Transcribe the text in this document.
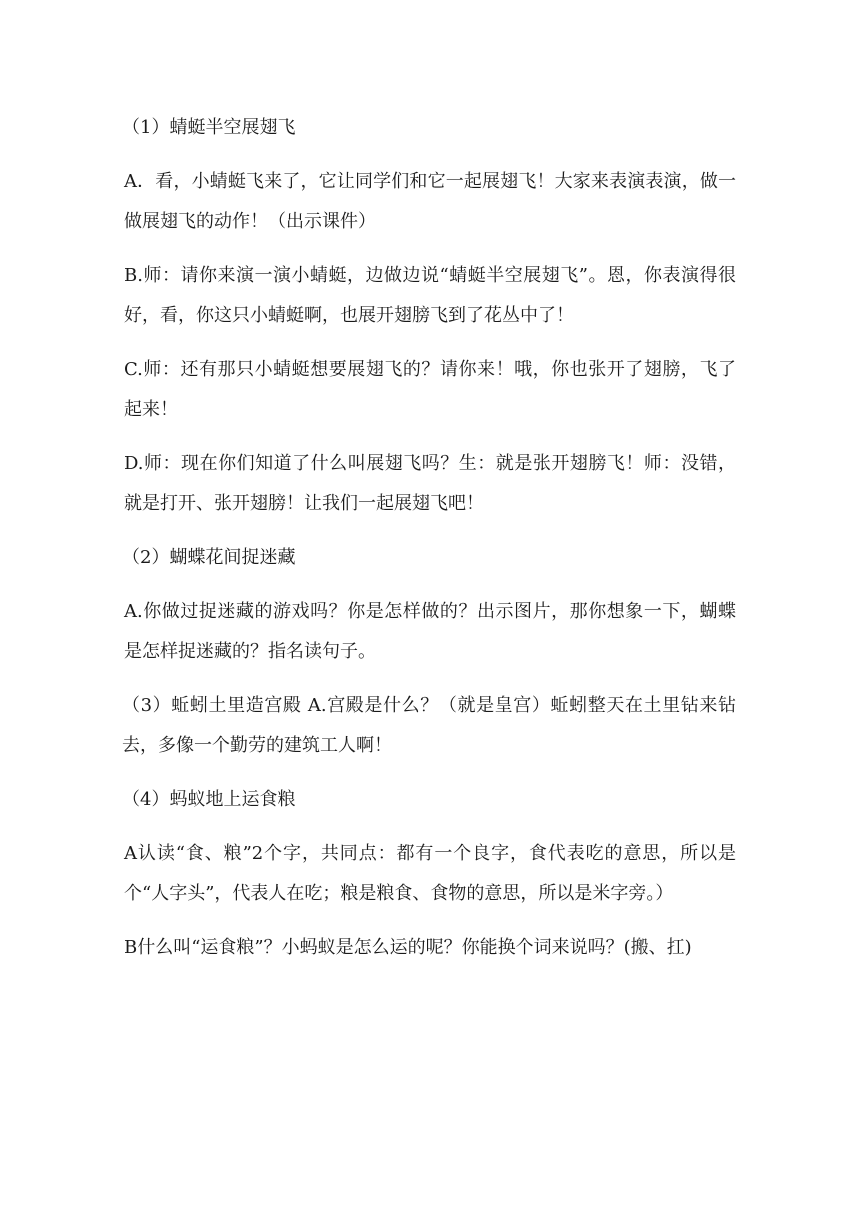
（1）蜻蜓半空展翅飞

A．看，小蜻蜓飞来了，它让同学们和它一起展翅飞！大家来表演表演，做一做展翅飞的动作！（出示课件）

B.师：请你来演一演小蜻蜓，边做边说“蜻蜓半空展翅飞”。恩，你表演得很好，看，你这只小蜻蜓啊，也展开翅膀飞到了花丛中了！

C.师：还有那只小蜻蜓想要展翅飞的？请你来！哦，你也张开了翅膀，飞了起来！

D.师：现在你们知道了什么叫展翅飞吗？生：就是张开翅膀飞！师：没错，就是打开、张开翅膀！让我们一起展翅飞吧！

（2）蝴蝶花间捉迷藏

A.你做过捉迷藏的游戏吗？你是怎样做的？出示图片，那你想象一下，蝴蝶是怎样捉迷藏的？指名读句子。

（3）蚯蚓土里造宫殿 A.宫殿是什么？（就是皇宫）蚯蚓整天在土里钻来钻去，多像一个勤劳的建筑工人啊！

（4）蚂蚁地上运食粮

A认读“食、粮”2个字，共同点：都有一个良字，食代表吃的意思，所以是个“人字头”，代表人在吃；粮是粮食、食物的意思，所以是米字旁。）

B什么叫“运食粮”？小蚂蚁是怎么运的呢？你能换个词来说吗？(搬、扛)
